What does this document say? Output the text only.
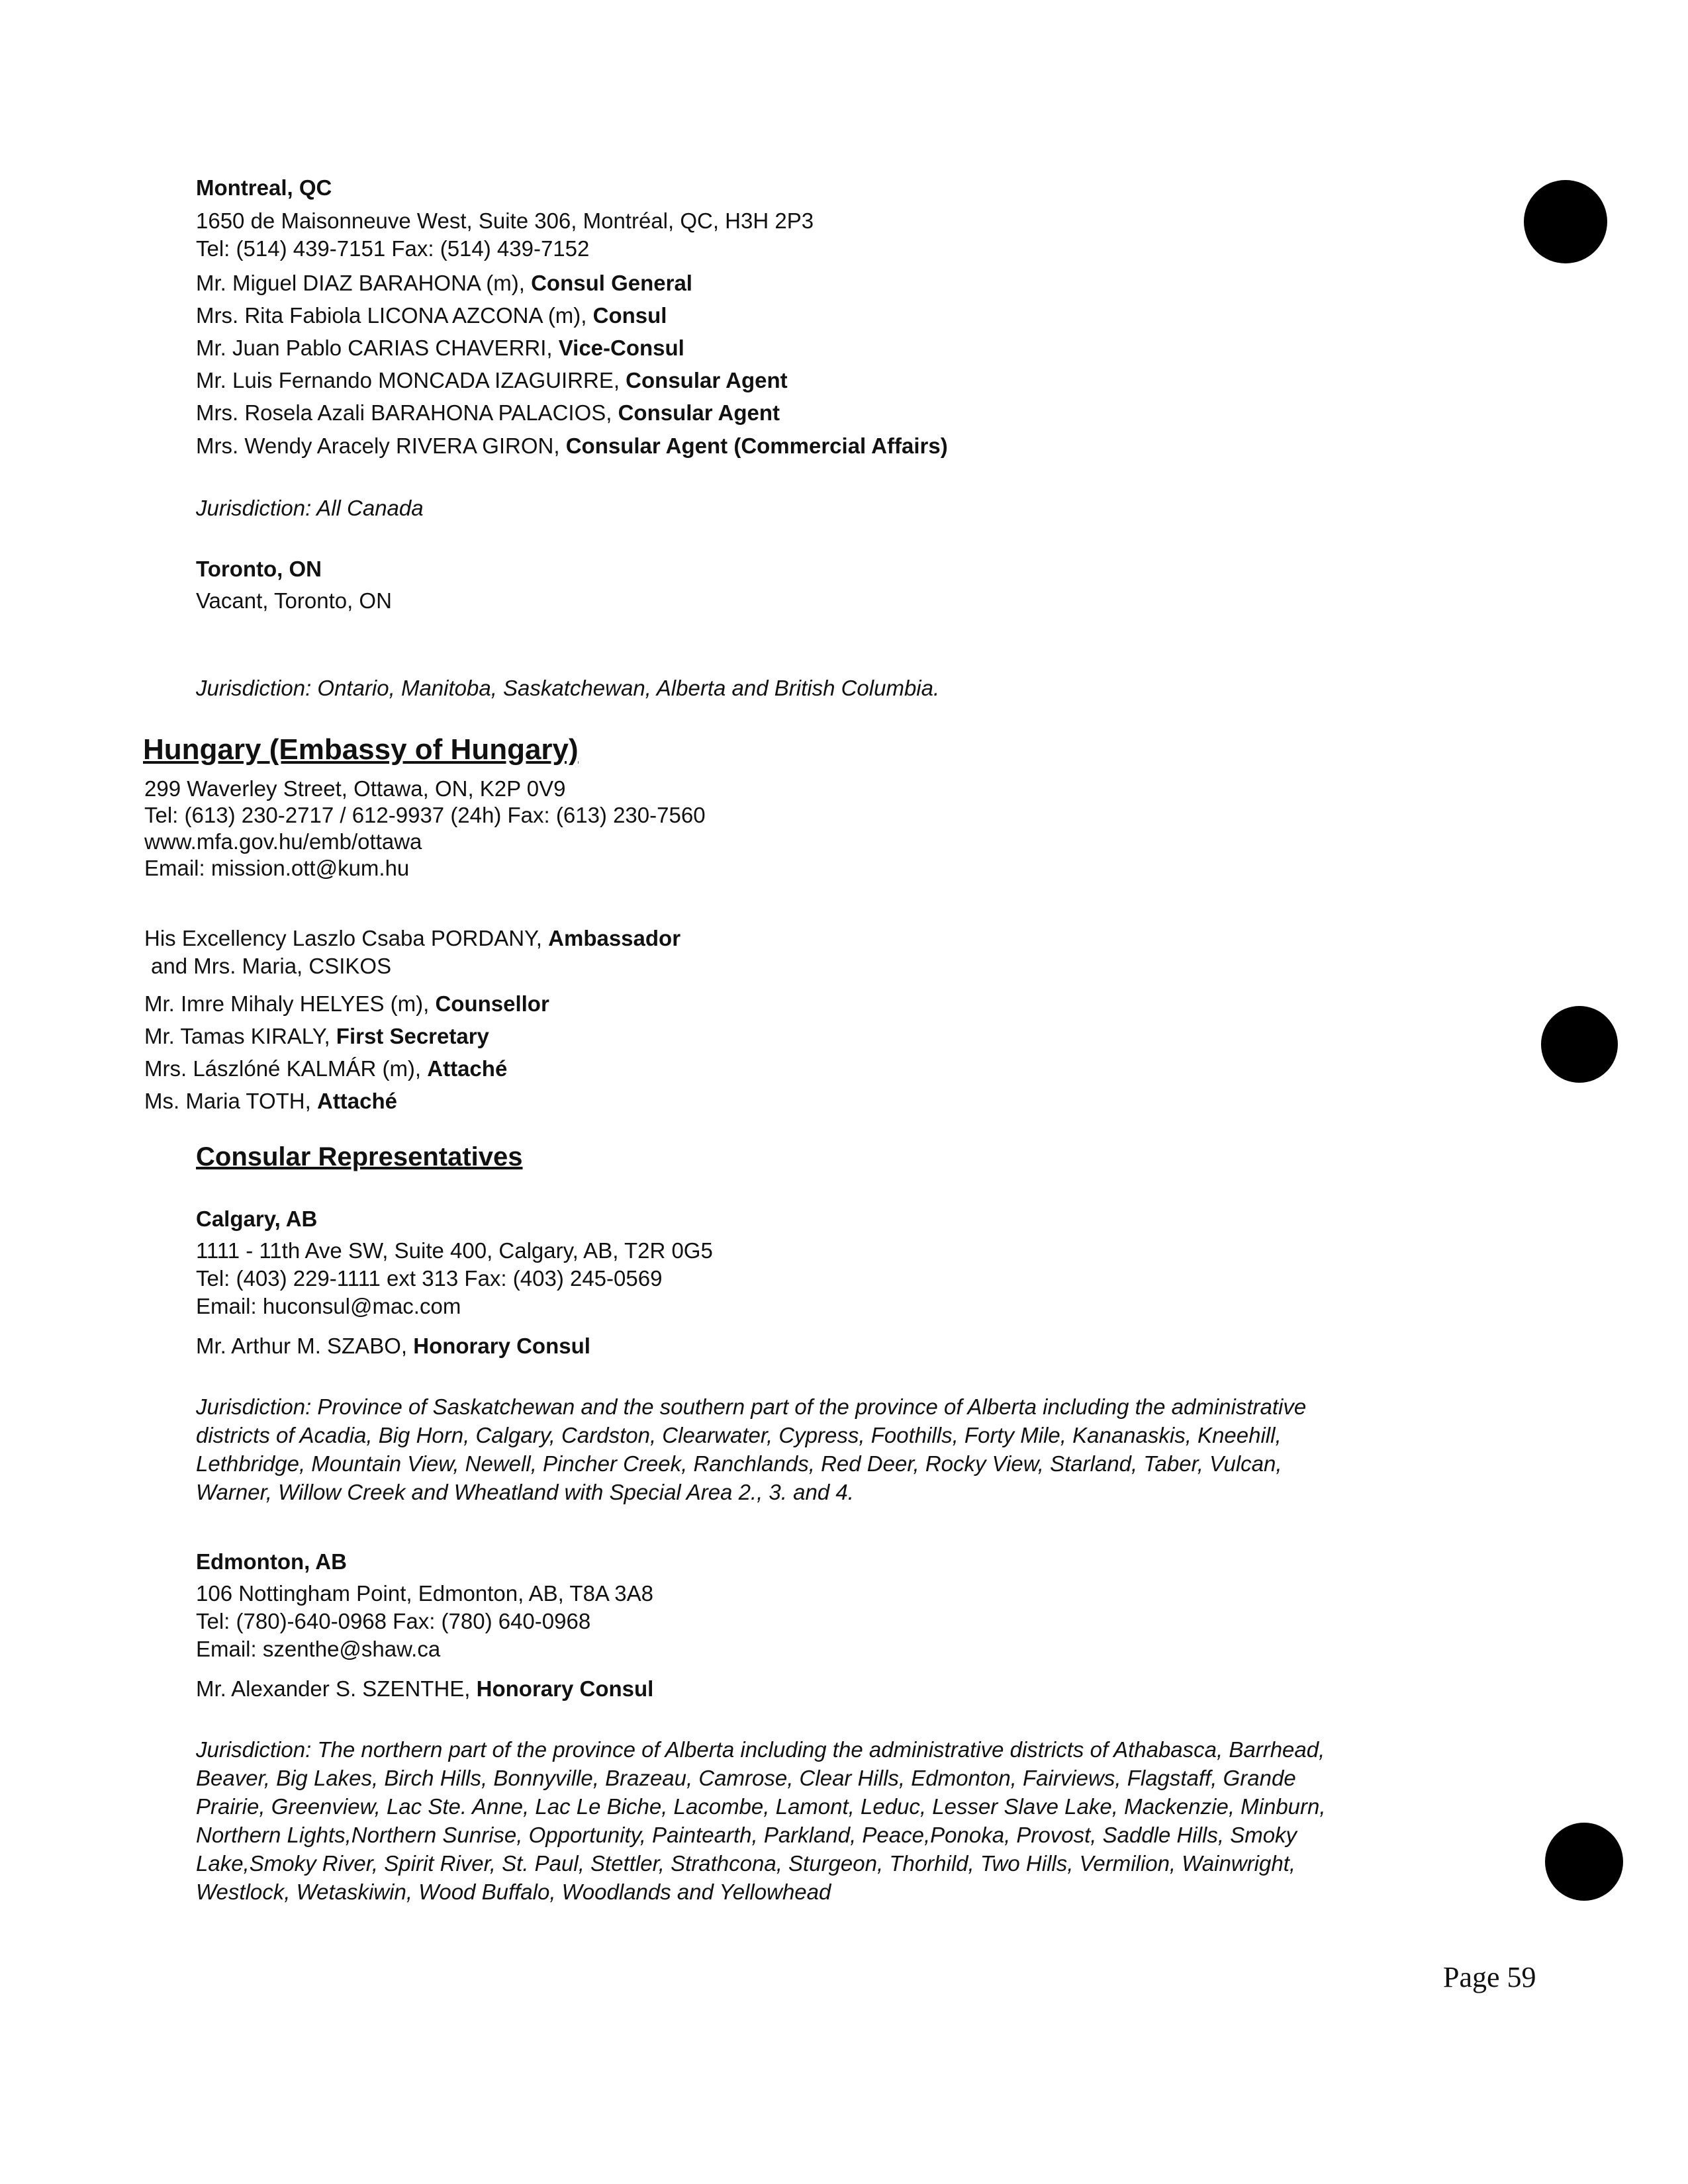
Montreal, QC
1650 de Maisonneuve West, Suite 306, Montréal, QC, H3H 2P3
Tel: (514) 439-7151 Fax: (514) 439-7152
Mr. Miguel DIAZ BARAHONA (m), Consul General
Mrs. Rita Fabiola LICONA AZCONA (m), Consul
Mr. Juan Pablo CARIAS CHAVERRI, Vice-Consul
Mr. Luis Fernando MONCADA IZAGUIRRE, Consular Agent
Mrs. Rosela Azali BARAHONA PALACIOS, Consular Agent
Mrs. Wendy Aracely RIVERA GIRON, Consular Agent (Commercial Affairs)
Jurisdiction: All Canada
Toronto, ON
Vacant, Toronto, ON
Jurisdiction: Ontario, Manitoba, Saskatchewan, Alberta and British Columbia.
Hungary (Embassy of Hungary)
299 Waverley Street, Ottawa, ON, K2P 0V9
Tel: (613) 230-2717 / 612-9937 (24h) Fax: (613) 230-7560
www.mfa.gov.hu/emb/ottawa
Email: mission.ott@kum.hu
His Excellency Laszlo Csaba PORDANY, Ambassador
and Mrs. Maria, CSIKOS
Mr. Imre Mihaly HELYES (m), Counsellor
Mr. Tamas KIRALY, First Secretary
Mrs. Lászlóné KALMÁR (m), Attaché
Ms. Maria TOTH, Attaché
Consular Representatives
Calgary, AB
1111 - 11th Ave SW, Suite 400, Calgary, AB, T2R 0G5
Tel: (403) 229-1111 ext 313 Fax: (403) 245-0569
Email: huconsul@mac.com
Mr. Arthur M. SZABO, Honorary Consul
Jurisdiction: Province of Saskatchewan and the southern part of the province of Alberta including the administrative
districts of Acadia, Big Horn, Calgary, Cardston, Clearwater, Cypress, Foothills, Forty Mile, Kananaskis, Kneehill,
Lethbridge, Mountain View, Newell, Pincher Creek, Ranchlands, Red Deer, Rocky View, Starland, Taber, Vulcan,
Warner, Willow Creek and Wheatland with Special Area 2., 3. and 4.
Edmonton, AB
106 Nottingham Point, Edmonton, AB, T8A 3A8
Tel: (780)-640-0968 Fax: (780) 640-0968
Email: szenthe@shaw.ca
Mr. Alexander S. SZENTHE, Honorary Consul
Jurisdiction: The northern part of the province of Alberta including the administrative districts of Athabasca, Barrhead,
Beaver, Big Lakes, Birch Hills, Bonnyville, Brazeau, Camrose, Clear Hills, Edmonton, Fairviews, Flagstaff, Grande
Prairie, Greenview, Lac Ste. Anne, Lac Le Biche, Lacombe, Lamont, Leduc, Lesser Slave Lake, Mackenzie, Minburn,
Northern Lights,Northern Sunrise, Opportunity, Paintearth, Parkland, Peace,Ponoka, Provost, Saddle Hills, Smoky
Lake,Smoky River, Spirit River, St. Paul, Stettler, Strathcona, Sturgeon, Thorhild, Two Hills, Vermilion, Wainwright,
Westlock, Wetaskiwin, Wood Buffalo, Woodlands and Yellowhead
Page 59
